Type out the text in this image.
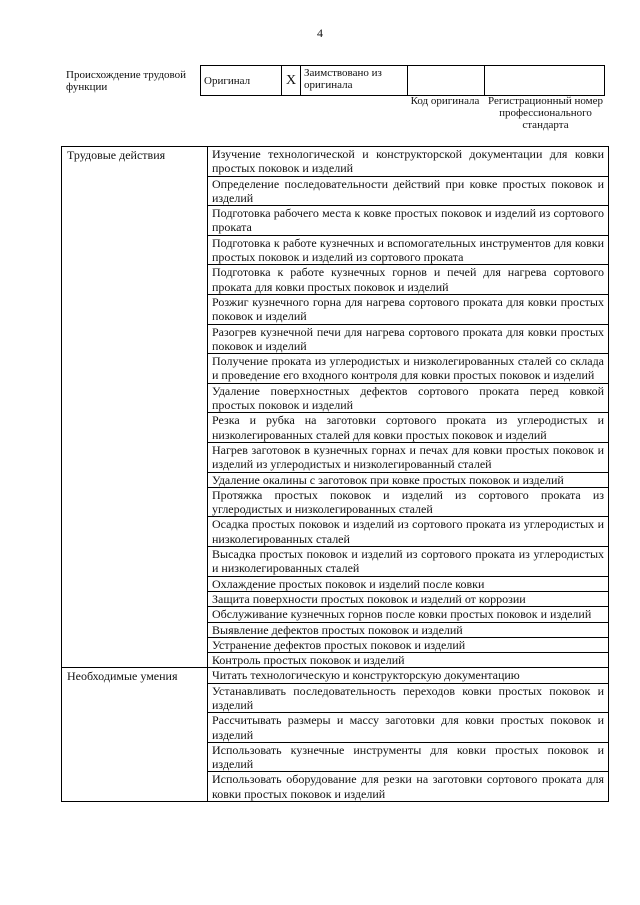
4
Происхождение трудовой функции
Оригинал	X	Заимствовано из оригинала		
Код оригинала Регистрационный номер профессионального стандарта
Трудовые действия	Изучение технологической и конструкторской документации для ковки простых поковок и изделий
	Определение последовательности действий при ковке простых поковок и изделий
	Подготовка рабочего места к ковке простых поковок и изделий из сортового проката
	Подготовка к работе кузнечных и вспомогательных инструментов для ковки простых поковок и изделий из сортового проката
	Подготовка к работе кузнечных горнов и печей для нагрева сортового проката для ковки простых поковок и изделий
	Розжиг кузнечного горна для нагрева сортового проката для ковки простых поковок и изделий
	Разогрев кузнечной печи для нагрева сортового проката для ковки простых поковок и изделий
	Получение проката из углеродистых и низколегированных сталей со склада и проведение его входного контроля для ковки простых поковок и изделий
	Удаление поверхностных дефектов сортового проката перед ковкой простых поковок и изделий
	Резка и рубка на заготовки сортового проката из углеродистых и низколегированных сталей для ковки простых поковок и изделий
	Нагрев заготовок в кузнечных горнах и печах для ковки простых поковок и изделий из углеродистых и низколегированный сталей
	Удаление окалины с заготовок при ковке простых поковок и изделий
	Протяжка простых поковок и изделий из сортового проката из углеродистых и низколегированных сталей
	Осадка простых поковок и изделий из сортового проката из углеродистых и низколегированных сталей
	Высадка простых поковок и изделий из сортового проката из углеродистых и низколегированных сталей
	Охлаждение простых поковок и изделий после ковки
	Защита поверхности простых поковок и изделий от коррозии
	Обслуживание кузнечных горнов после ковки простых поковок и изделий
	Выявление дефектов простых поковок и изделий
	Устранение дефектов простых поковок и изделий
	Контроль простых поковок и изделий
Необходимые умения	Читать технологическую и конструкторскую документацию
	Устанавливать последовательность переходов ковки простых поковок и изделий
	Рассчитывать размеры и массу заготовки для ковки простых поковок и изделий
	Использовать кузнечные инструменты для ковки простых поковок и изделий
	Использовать оборудование для резки на заготовки сортового проката для ковки простых поковок и изделий
